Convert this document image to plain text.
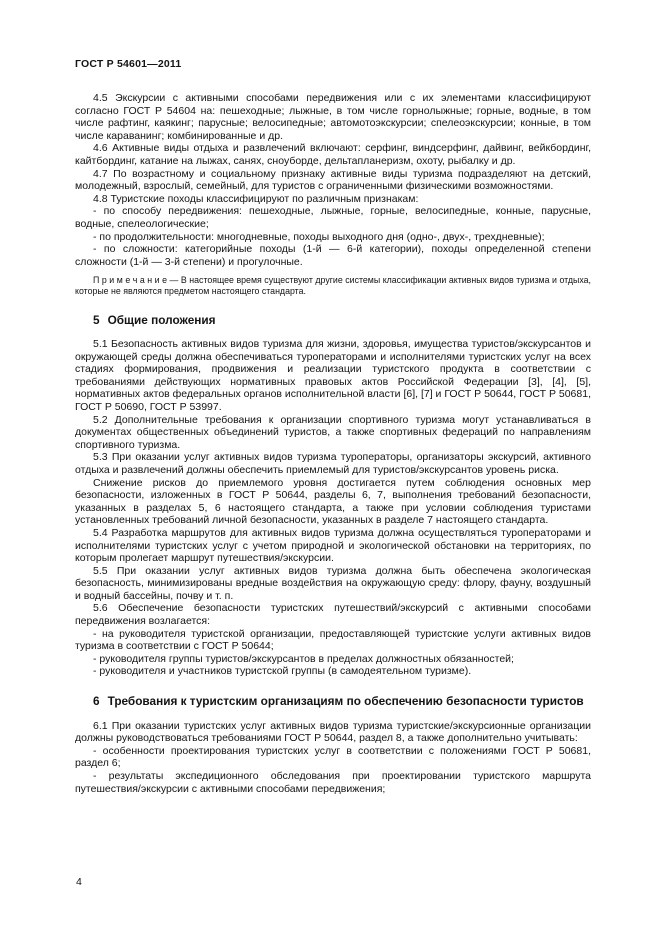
ГОСТ Р 54601—2011
4.5 Экскурсии с активными способами передвижения или с их элементами классифицируют согласно ГОСТ Р 54604 на: пешеходные; лыжные, в том числе горнолыжные; горные, водные, в том числе рафтинг, каякинг; парусные; велосипедные; автомотоэкскурсии; спелеоэкскурсии; конные, в том числе караванинг; комбинированные и др.
4.6 Активные виды отдыха и развлечений включают: серфинг, виндсерфинг, дайвинг, вейкбординг, кайтбординг, катание на лыжах, санях, сноуборде, дельтапланеризм, охоту, рыбалку и др.
4.7 По возрастному и социальному признаку активные виды туризма подразделяют на детский, молодежный, взрослый, семейный, для туристов с ограниченными физическими возможностями.
4.8 Туристские походы классифицируют по различным признакам:
- по способу передвижения: пешеходные, лыжные, горные, велосипедные, конные, парусные, водные, спелеологические;
- по продолжительности: многодневные, походы выходного дня (одно-, двух-, трехдневные);
- по сложности: категорийные походы (1-й — 6-й категории), походы определенной степени сложности (1-й — 3-й степени) и прогулочные.
П р и м е ч а н и е — В настоящее время существуют другие системы классификации активных видов туризма и отдыха, которые не являются предметом настоящего стандарта.
5 Общие положения
5.1 Безопасность активных видов туризма для жизни, здоровья, имущества туристов/экскурсантов и окружающей среды должна обеспечиваться туроператорами и исполнителями туристских услуг на всех стадиях формирования, продвижения и реализации туристского продукта в соответствии с требованиями действующих нормативных правовых актов Российской Федерации [3], [4], [5], нормативных актов федеральных органов исполнительной власти [6], [7] и ГОСТ Р 50644, ГОСТ Р 50681, ГОСТ Р 50690, ГОСТ Р 53997.
5.2 Дополнительные требования к организации спортивного туризма могут устанавливаться в документах общественных объединений туристов, а также спортивных федераций по направлениям спортивного туризма.
5.3 При оказании услуг активных видов туризма туроператоры, организаторы экскурсий, активного отдыха и развлечений должны обеспечить приемлемый для туристов/экскурсантов уровень риска.
Снижение рисков до приемлемого уровня достигается путем соблюдения основных мер безопасности, изложенных в ГОСТ Р 50644, разделы 6, 7, выполнения требований безопасности, указанных в разделах 5, 6 настоящего стандарта, а также при условии соблюдения туристами установленных требований личной безопасности, указанных в разделе 7 настоящего стандарта.
5.4 Разработка маршрутов для активных видов туризма должна осуществляться туроператорами и исполнителями туристских услуг с учетом природной и экологической обстановки на территориях, по которым пролегает маршрут путешествия/экскурсии.
5.5 При оказании услуг активных видов туризма должна быть обеспечена экологическая безопасность, минимизированы вредные воздействия на окружающую среду: флору, фауну, воздушный и водный бассейны, почву и т. п.
5.6 Обеспечение безопасности туристских путешествий/экскурсий с активными способами передвижения возлагается:
- на руководителя туристской организации, предоставляющей туристские услуги активных видов туризма в соответствии с ГОСТ Р 50644;
- руководителя группы туристов/экскурсантов в пределах должностных обязанностей;
- руководителя и участников туристской группы (в самодеятельном туризме).
6 Требования к туристским организациям по обеспечению безопасности туристов
6.1 При оказании туристских услуг активных видов туризма туристские/экскурсионные организации должны руководствоваться требованиями ГОСТ Р 50644, раздел 8, а также дополнительно учитывать:
- особенности проектирования туристских услуг в соответствии с положениями ГОСТ Р 50681, раздел 6;
- результаты экспедиционного обследования при проектировании туристского маршрута путешествия/экскурсии с активными способами передвижения;
4
